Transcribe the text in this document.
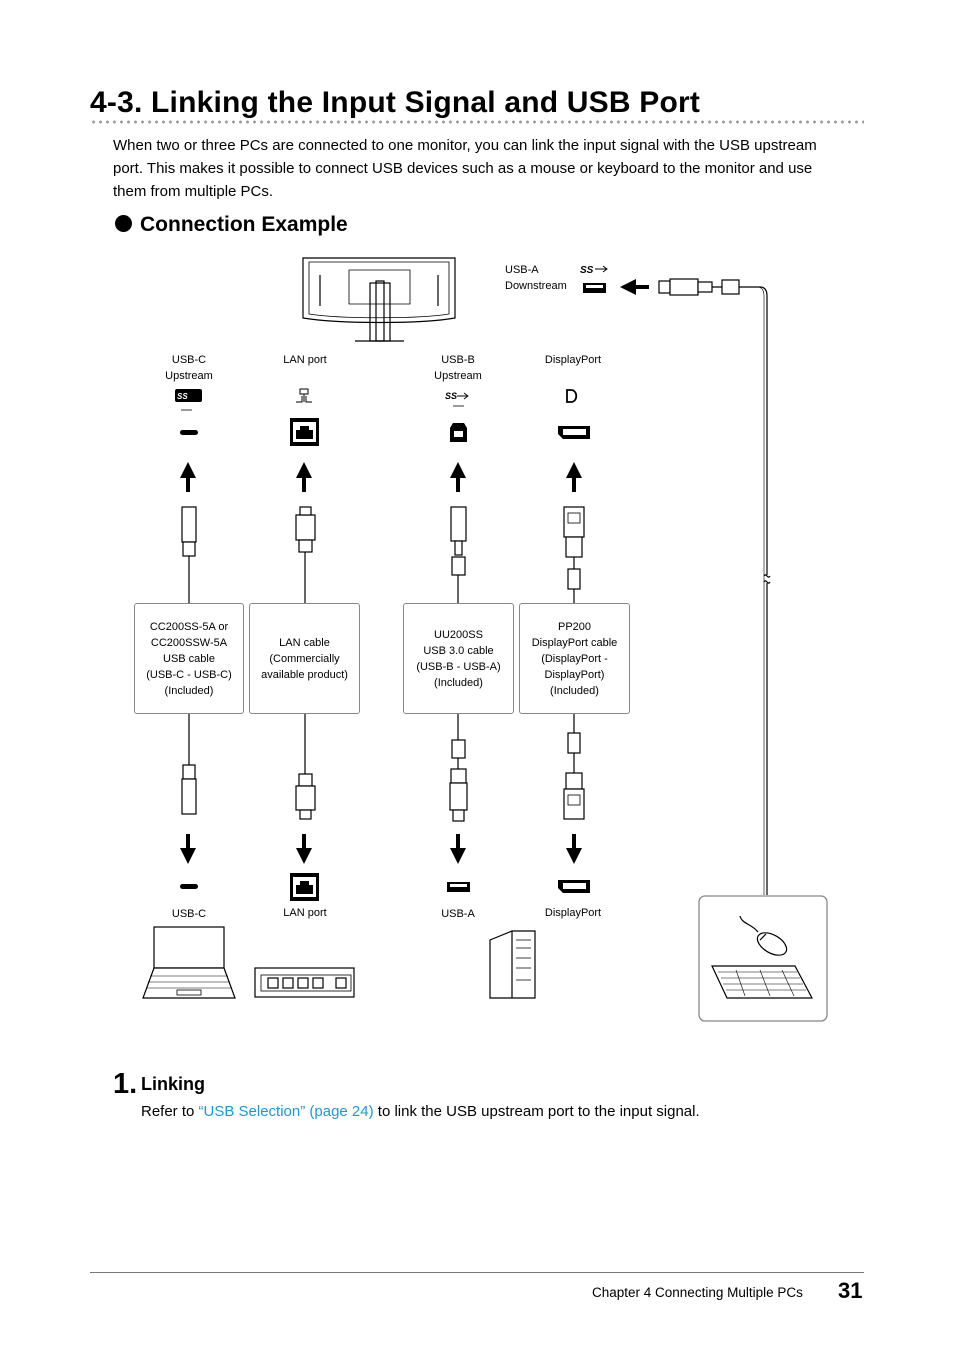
4-3. Linking the Input Signal and USB Port

When two or three PCs are connected to one monitor, you can link the input signal with the USB upstream port. This makes it possible to connect USB devices such as a mouse or keyboard to the monitor and use them from multiple PCs.

Connection Example
SS
SS	SS
USB-A
Downstream
USB-C
Upstream
LAN port	USB-B
Upstream
DisplayPort
CC200SS-5A or
CC200SSW-5A
USB cable
(USB-C - USB-C)
(Included)
LAN cable
(Commercially
available product)
UU200SS
USB 3.0 cable
(USB-B - USB-A)
(Included)
PP200
DisplayPort cable
(DisplayPort -
DisplayPort)
(Included)
USB-C	LAN port	USB-A	DisplayPort
1. Linking
Refer to “USB Selection” (page 24) to link the USB upstream port to the input signal.
Chapter 4 Connecting Multiple PCs 31
